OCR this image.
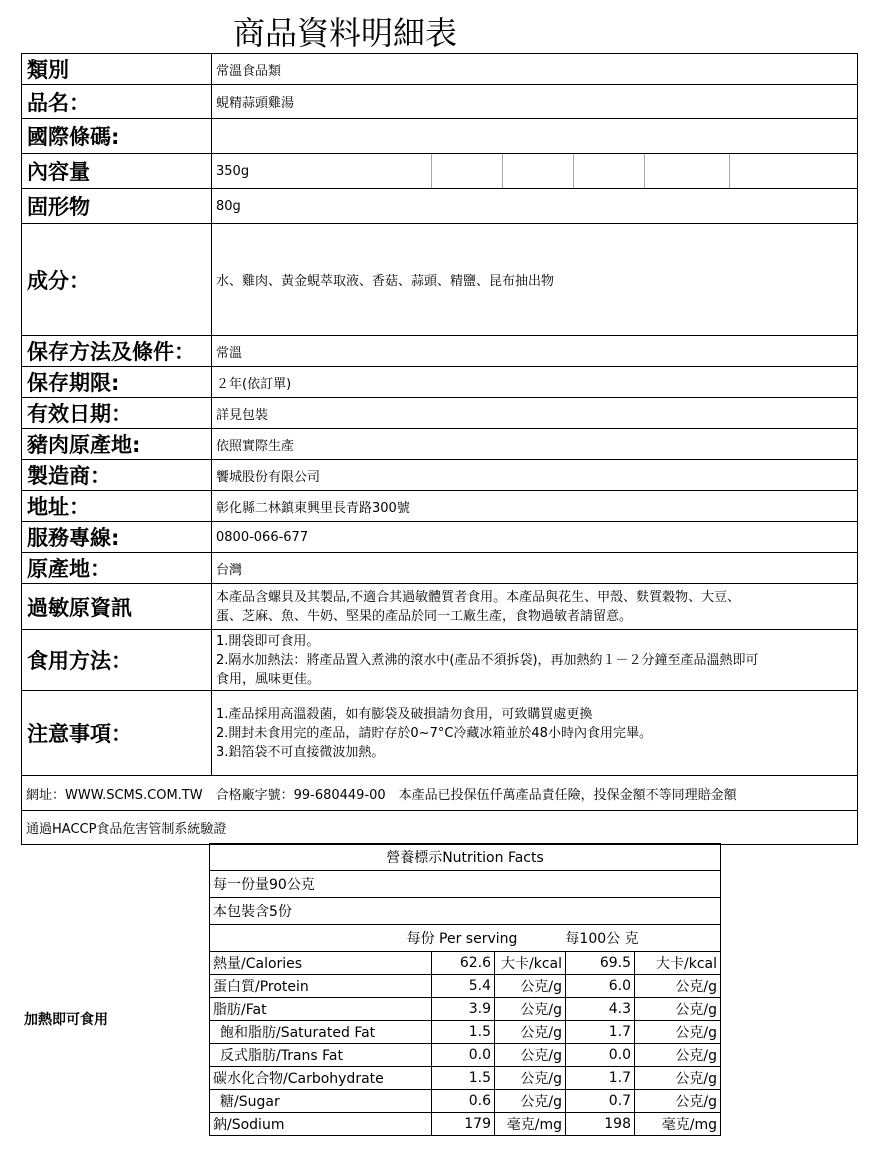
商品資料明細表
類別	常溫食品類
品名：	蜆精蒜頭雞湯
國際條碼:	
內容量	350g

固形物	80g
成分：	水、雞肉、黃金蜆萃取液、香菇、蒜頭、精鹽、昆布抽出物
保存方法及條件：	常溫
保存期限:	２年(依訂單)
有效日期：	詳見包裝
豬肉原產地:	依照實際生產
製造商：	饗城股份有限公司
地址：	彰化縣二林鎮東興里長青路300號
服務專線:	0800-066-677
原產地：	台灣
過敏原資訊	本產品含螺貝及其製品,不適合其過敏體質者食用。本產品與花生、甲殼、麩質穀物、大豆、
蛋、芝麻、魚、牛奶、堅果的產品於同一工廠生產，食物過敏者請留意。

食用方法：	1.開袋即可食用。
2.隔水加熱法：將產品置入煮沸的滾水中(產品不須拆袋)，再加熱約１－２分鐘至產品溫熱即可
食用，風味更佳。

注意事項：	1.產品採用高溫殺菌，如有膨袋及破損請勿食用，可致購買處更換
2.開封未食用完的產品，請貯存於0~7°C冷藏冰箱並於48小時內食用完畢。
3.鋁箔袋不可直接微波加熱。

網址：WWW.SCMS.COM.TW　合格廠字號：99-680449-00　本產品已投保伍仟萬產品責任險，投保金額不等同理賠金額	
通過HACCP食品危害管制系統驗證	
加熱即可食用
營養標示Nutrition Facts				
每一份量90公克				
本包裝含5份				

每份 Per serving 每100公 克				

熱量/Calories	62.6	大卡/kcal	69.5	大卡/kcal
蛋白質/Protein	5.4	公克/g	6.0	公克/g
脂肪/Fat	3.9	公克/g	4.3	公克/g
飽和脂肪/Saturated Fat	1.5	公克/g	1.7	公克/g
反式脂肪/Trans Fat	0.0	公克/g	0.0	公克/g
碳水化合物/Carbohydrate	1.5	公克/g	1.7	公克/g
糖/Sugar	0.6	公克/g	0.7	公克/g
鈉/Sodium	179	毫克/mg	198	毫克/mg
